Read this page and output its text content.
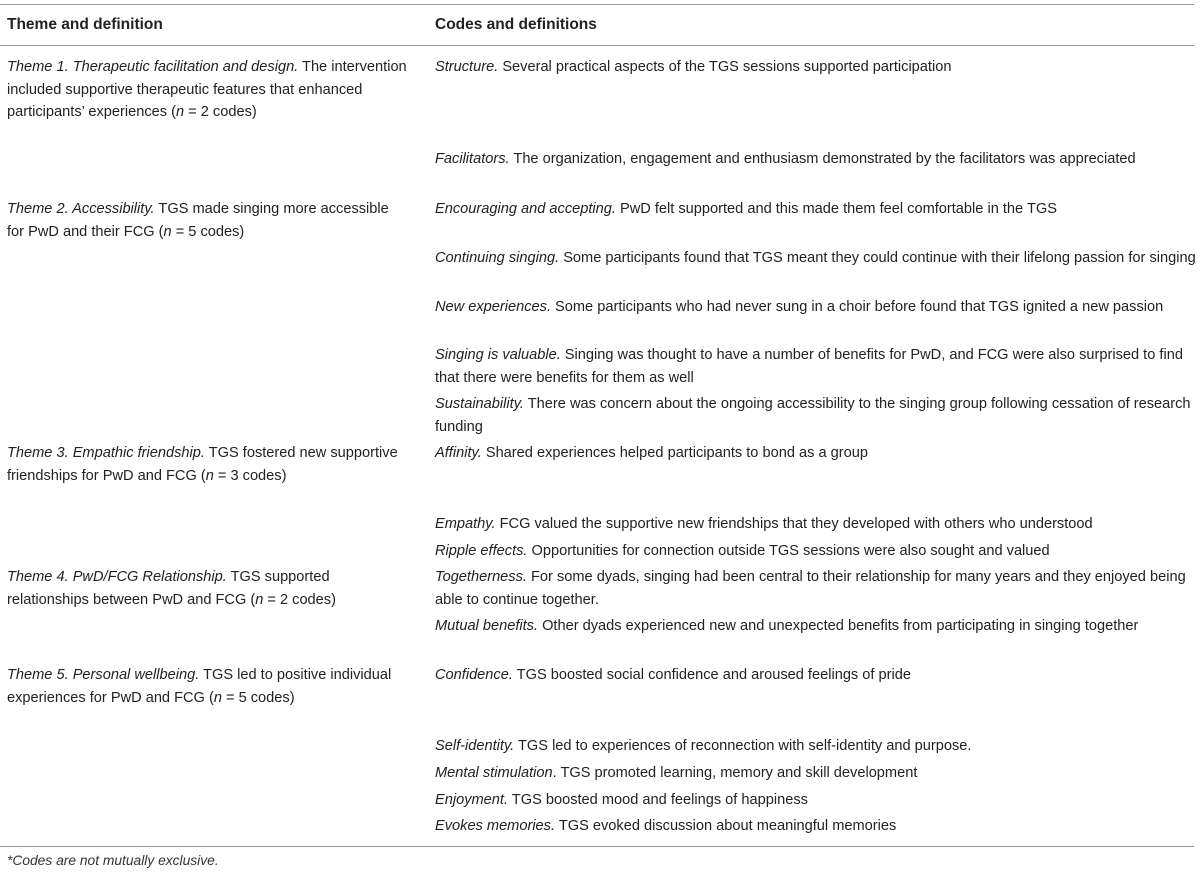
Theme and definition	Codes and definitions

Theme 1. Therapeutic facilitation and design. The intervention included supportive therapeutic features that enhanced participants’ experiences (n = 2 codes)

Theme 2. Accessibility. TGS made singing more accessible for PwD and their FCG (n = 5 codes)

Theme 3. Empathic friendship. TGS fostered new supportive friendships for PwD and FCG (n = 3 codes)

Theme 4. PwD/FCG Relationship. TGS supported relationships between PwD and FCG (n = 2 codes)

Theme 5. Personal wellbeing. TGS led to positive individual experiences for PwD and FCG (n = 5 codes)

Structure. Several practical aspects of the TGS sessions supported participation

Facilitators. The organization, engagement and enthusiasm demonstrated by the facilitators was appreciated

Encouraging and accepting. PwD felt supported and this made them feel comfortable in the TGS

Continuing singing. Some participants found that TGS meant they could continue with their lifelong passion for singing

New experiences. Some participants who had never sung in a choir before found that TGS ignited a new passion

Singing is valuable. Singing was thought to have a number of benefits for PwD, and FCG were also surprised to find that there were benefits for them as well

Sustainability. There was concern about the ongoing accessibility to the singing group following cessation of research funding

Affinity. Shared experiences helped participants to bond as a group

Empathy. FCG valued the supportive new friendships that they developed with others who understood

Ripple effects. Opportunities for connection outside TGS sessions were also sought and valued

Togetherness. For some dyads, singing had been central to their relationship for many years and they enjoyed being able to continue together.

Mutual benefits. Other dyads experienced new and unexpected benefits from participating in singing together

Confidence. TGS boosted social confidence and aroused feelings of pride

Self-identity. TGS led to experiences of reconnection with self-identity and purpose.

Mental stimulation. TGS promoted learning, memory and skill development

Enjoyment. TGS boosted mood and feelings of happiness

Evokes memories. TGS evoked discussion about meaningful memories

*Codes are not mutually exclusive.
